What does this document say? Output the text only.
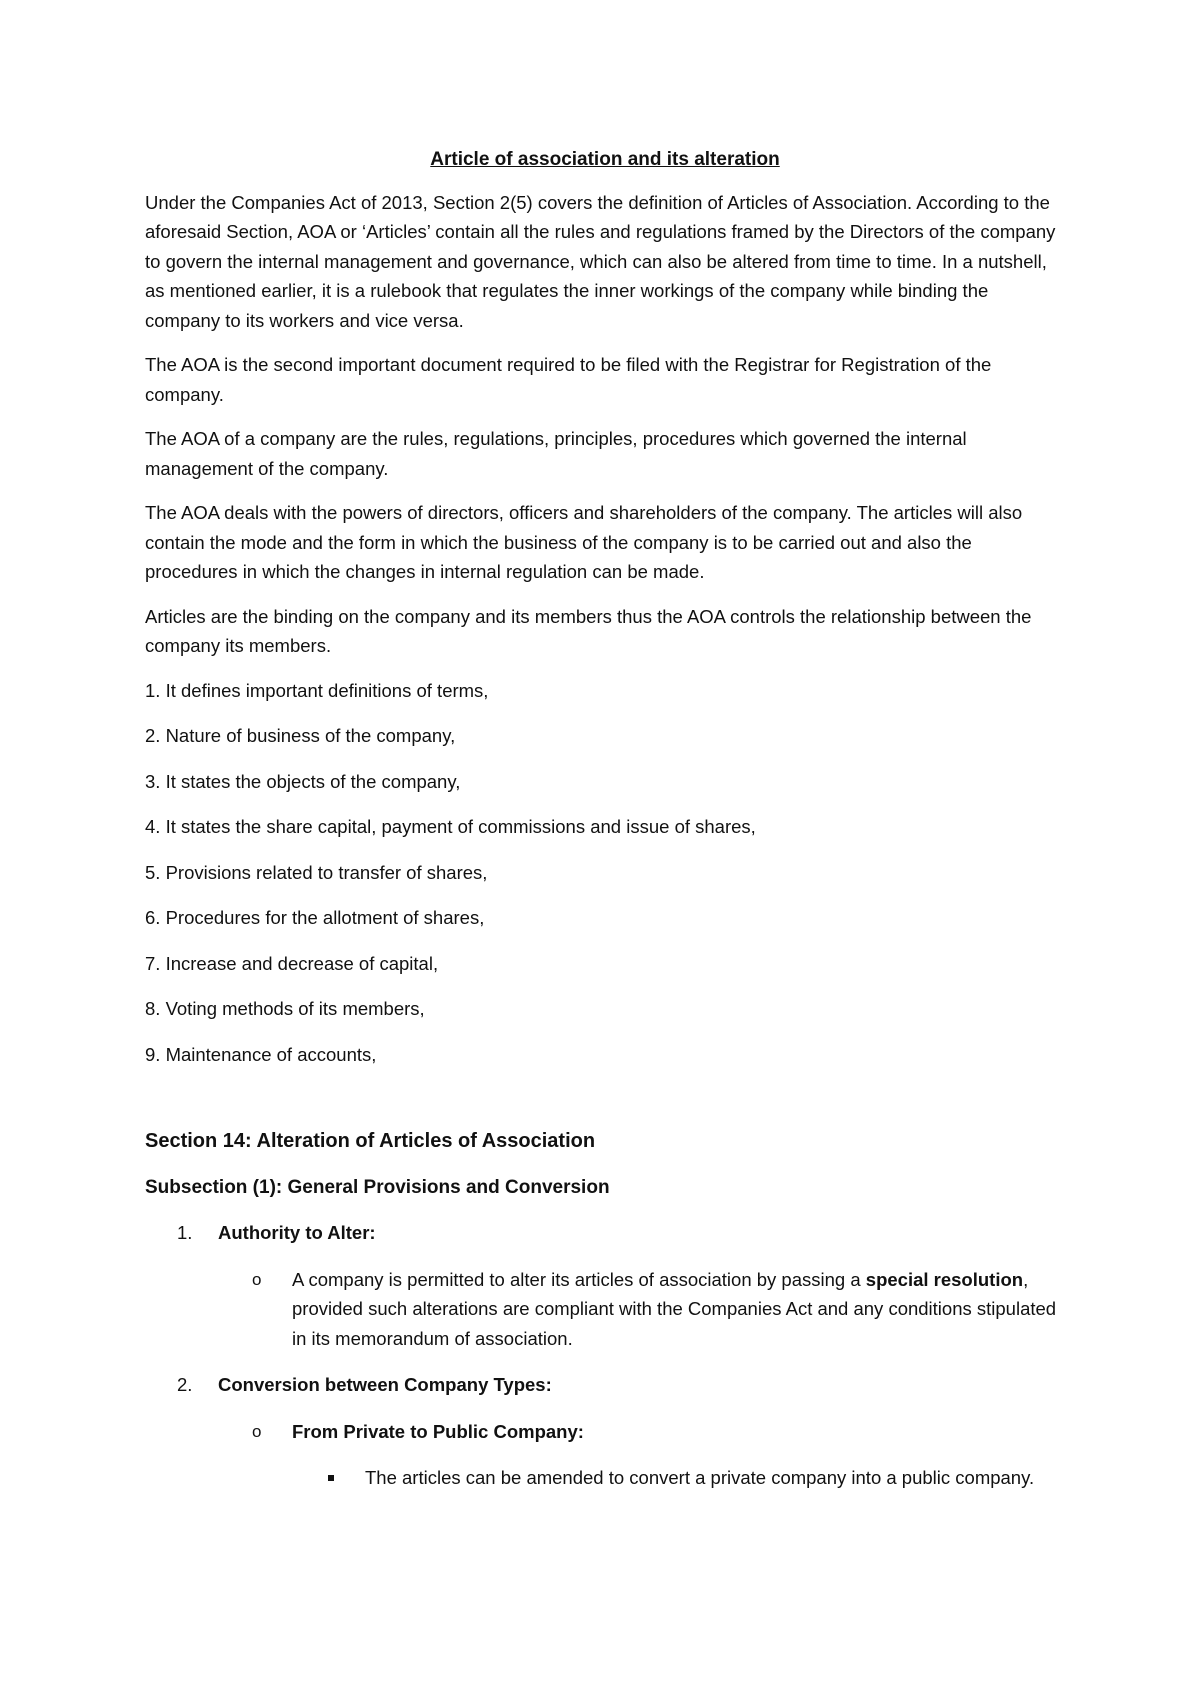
Article of association and its alteration

Under the Companies Act of 2013, Section 2(5) covers the definition of Articles of Association. According to the aforesaid Section, AOA or ‘Articles’ contain all the rules and regulations framed by the Directors of the company to govern the internal management and governance, which can also be altered from time to time. In a nutshell, as mentioned earlier, it is a rulebook that regulates the inner workings of the company while binding the company to its workers and vice versa.

The AOA is the second important document required to be filed with the Registrar for Registration of the company.

The AOA of a company are the rules, regulations, principles, procedures which governed the internal management of the company.

The AOA deals with the powers of directors, officers and shareholders of the company. The articles will also contain the mode and the form in which the business of the company is to be carried out and also the procedures in which the changes in internal regulation can be made.

Articles are the binding on the company and its members thus the AOA controls the relationship between the company its members.

1. It defines important definitions of terms,

2. Nature of business of the company,

3. It states the objects of the company,

4. It states the share capital, payment of commissions and issue of shares,

5. Provisions related to transfer of shares,

6. Procedures for the allotment of shares,

7. Increase and decrease of capital,

8. Voting methods of its members,

9. Maintenance of accounts,

Section 14: Alteration of Articles of Association
Subsection (1): General Provisions and Conversion
1. Authority to Alter:
o A company is permitted to alter its articles of association by passing a special resolution, provided such alterations are compliant with the Companies Act and any conditions stipulated in its memorandum of association.
2. Conversion between Company Types:
o From Private to Public Company:
The articles can be amended to convert a private company into a public company.
